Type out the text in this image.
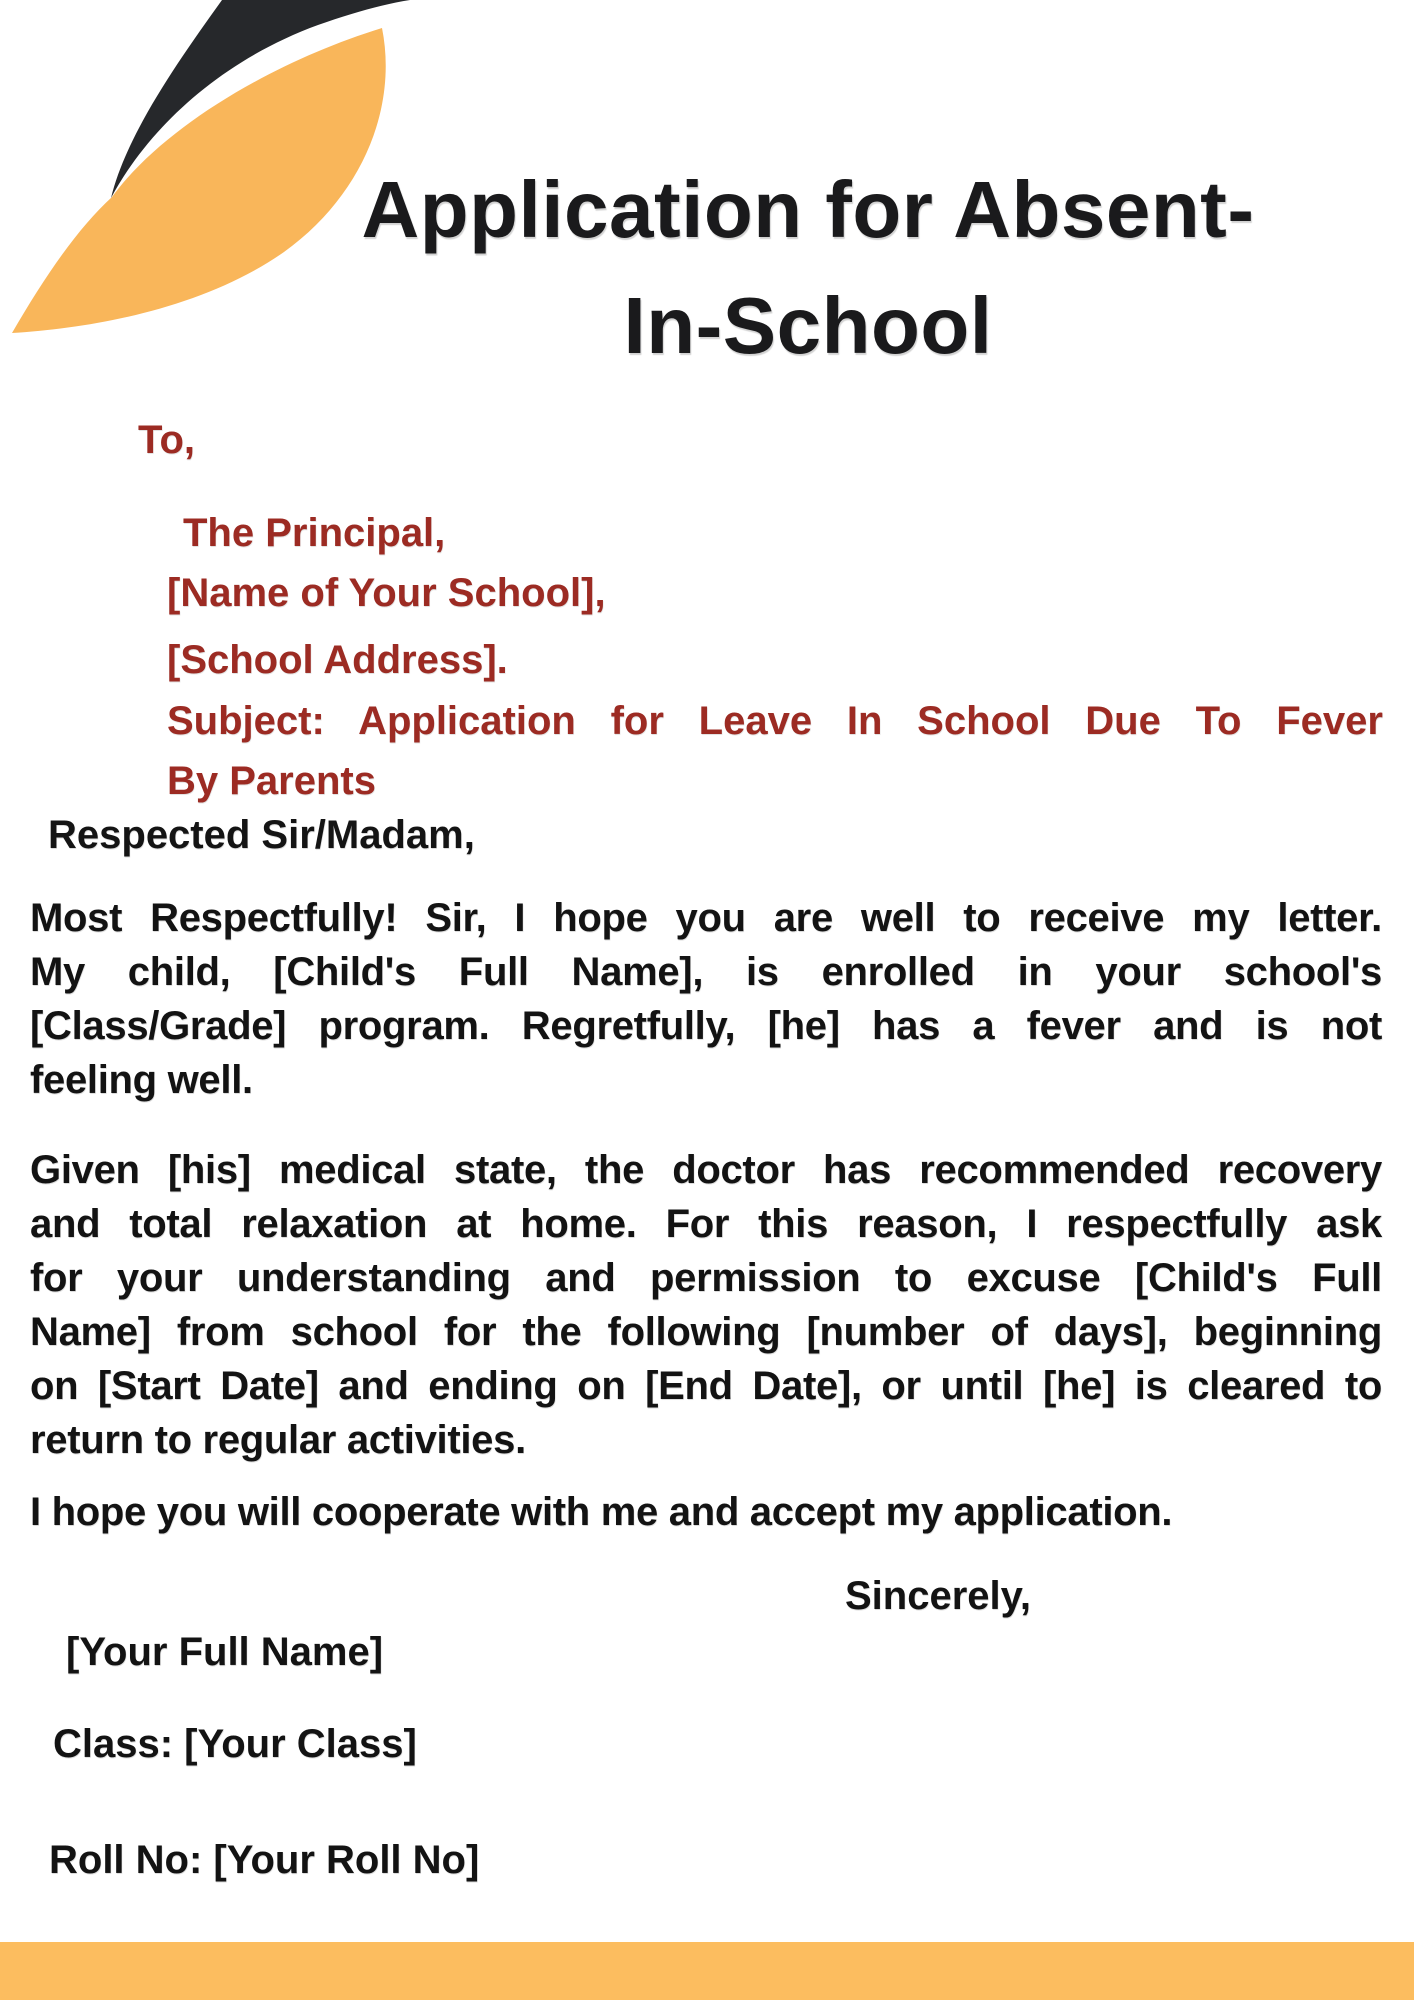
Application for Absent-
In-School
To,
The Principal,
[Name of Your School],
[School Address].
Subject: Application for Leave In School Due To Fever
By Parents
Respected Sir/Madam,
Most Respectfully! Sir, I hope you are well to receive my letter.
My child, [Child's Full Name], is enrolled in your school's
[Class/Grade] program. Regretfully, [he] has a fever and is not
feeling well.
Given [his] medical state, the doctor has recommended recovery
and total relaxation at home. For this reason, I respectfully ask
for your understanding and permission to excuse [Child's Full
Name] from school for the following [number of days], beginning
on [Start Date] and ending on [End Date], or until [he] is cleared to
return to regular activities.
I hope you will cooperate with me and accept my application.
Sincerely,
[Your Full Name]
Class: [Your Class]
Roll No: [Your Roll No]
